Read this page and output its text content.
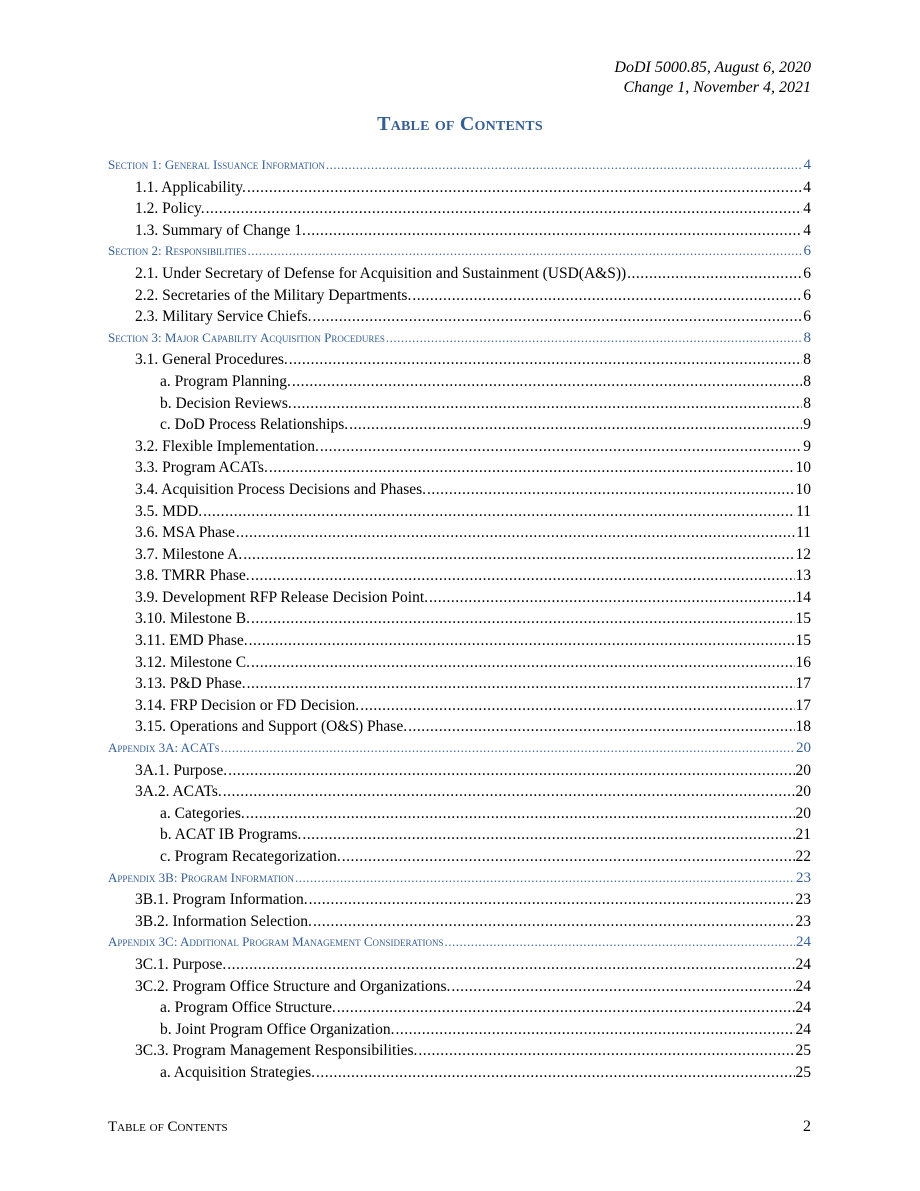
DoDI 5000.85, August 6, 2020
Change 1, November 4, 2021
Table of Contents
Section 1: General Issuance Information .....	4
1.1. Applicability. .....	4
1.2. Policy. .....	4
1.3. Summary of Change 1. .....	4
Section 2: Responsibilities .....	6
2.1. Under Secretary of Defense for Acquisition and Sustainment (USD(A&S)) .....	6
2.2. Secretaries of the Military Departments. .....	6
2.3. Military Service Chiefs. .....	6
Section 3: Major Capability Acquisition Procedures .....	8
3.1. General Procedures. .....	8
a. Program Planning. .....	8
b. Decision Reviews. .....	8
c. DoD Process Relationships. .....	9
3.2. Flexible Implementation. .....	9
3.3. Program ACATs. .....	10
3.4. Acquisition Process Decisions and Phases. .....	10
3.5. MDD. .....	11
3.6. MSA Phase .....	11
3.7. Milestone A. .....	12
3.8. TMRR Phase. .....	13
3.9. Development RFP Release Decision Point. .....	14
3.10. Milestone B. .....	15
3.11. EMD Phase. .....	15
3.12. Milestone C. .....	16
3.13. P&D Phase. .....	17
3.14. FRP Decision or FD Decision. .....	17
3.15. Operations and Support (O&S) Phase. .....	18
Appendix 3A: ACATs .....	20
3A.1. Purpose. .....	20
3A.2. ACATs. .....	20
a. Categories. .....	20
b. ACAT IB Programs. .....	21
c. Program Recategorization. .....	22
Appendix 3B: Program Information .....	23
3B.1. Program Information. .....	23
3B.2. Information Selection. .....	23
Appendix 3C: Additional Program Management Considerations .....	24
3C.1. Purpose. .....	24
3C.2. Program Office Structure and Organizations. .....	24
a. Program Office Structure. .....	24
b. Joint Program Office Organization. .....	24
3C.3. Program Management Responsibilities. .....	25
a. Acquisition Strategies. .....	25
Table of Contents	2
